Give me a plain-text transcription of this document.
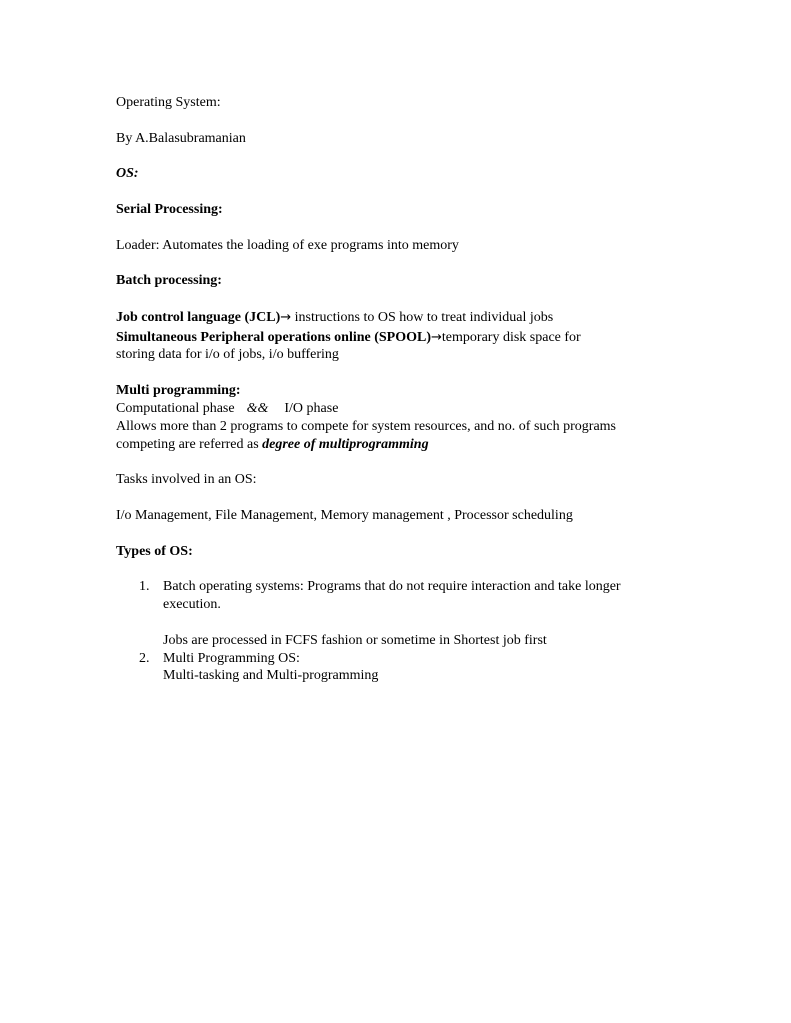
Operating System:
By A.Balasubramanian
OS:
Serial Processing:
Loader: Automates the loading of exe programs into memory
Batch processing:
Job control language (JCL)→ instructions to OS how to treat individual jobs
Simultaneous Peripheral operations online (SPOOL)→temporary disk space for
storing data for i/o of jobs, i/o buffering
Multi programming:
Computational phase && I/O phase
Allows more than 2 programs to compete for system resources, and no. of such programs
competing are referred as degree of multiprogramming
Tasks involved in an OS:
I/o Management, File Management, Memory management , Processor scheduling
Types of OS:
1. Batch operating systems: Programs that do not require interaction and take longer
execution.
Jobs are processed in FCFS fashion or sometime in Shortest job first
2. Multi Programming OS:
Multi-tasking and Multi-programming
